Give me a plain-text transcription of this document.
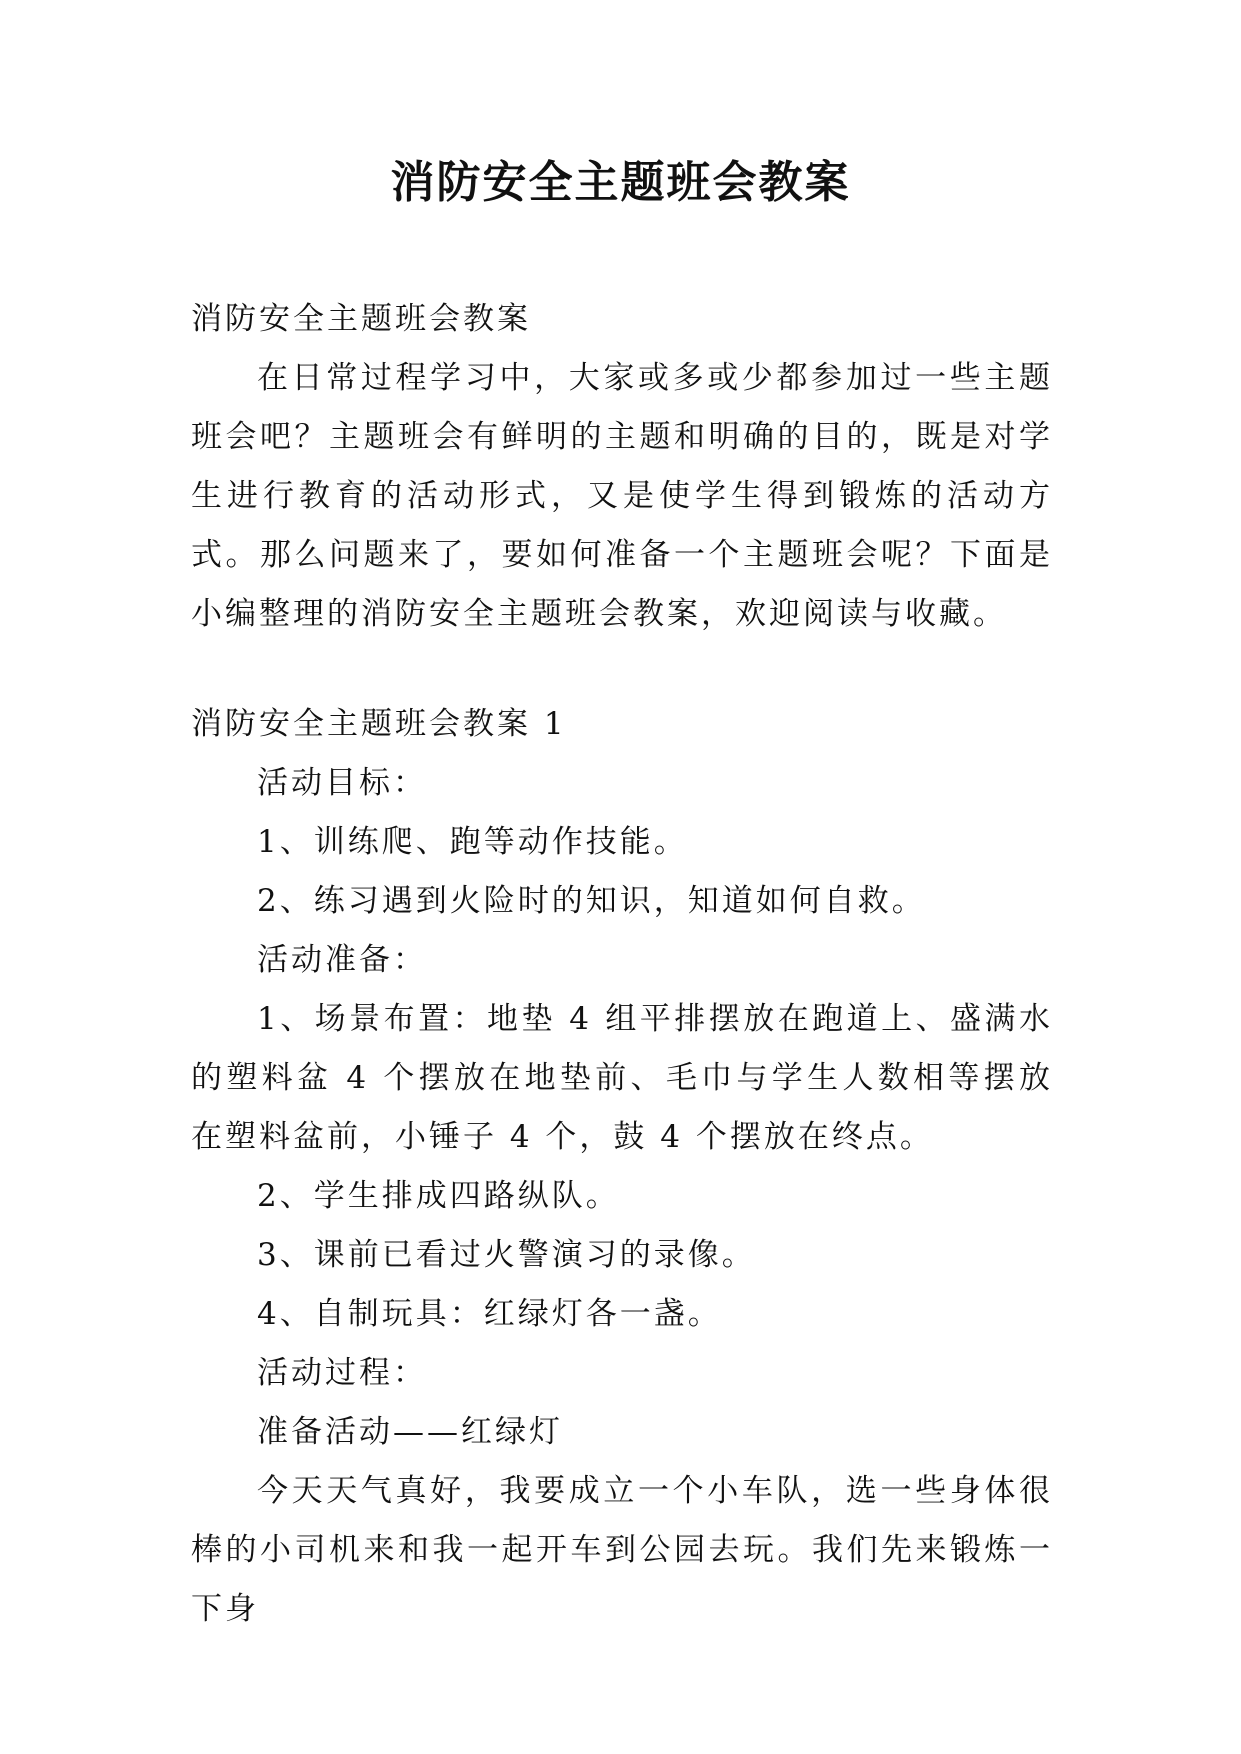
消防安全主题班会教案

消防安全主题班会教案

在日常过程学习中，大家或多或少都参加过一些主题班会吧？主题班会有鲜明的主题和明确的目的，既是对学生进行教育的活动形式，又是使学生得到锻炼的活动方式。那么问题来了，要如何准备一个主题班会呢？下面是小编整理的消防安全主题班会教案，欢迎阅读与收藏。

消防安全主题班会教案 1

活动目标：

1、训练爬、跑等动作技能。

2、练习遇到火险时的知识，知道如何自救。

活动准备：

1、场景布置：地垫 4 组平排摆放在跑道上、盛满水的塑料盆 4 个摆放在地垫前、毛巾与学生人数相等摆放在塑料盆前，小锤子 4 个，鼓 4 个摆放在终点。

2、学生排成四路纵队。

3、课前已看过火警演习的录像。

4、自制玩具：红绿灯各一盏。

活动过程：

准备活动——红绿灯

今天天气真好，我要成立一个小车队，选一些身体很棒的小司机来和我一起开车到公园去玩。我们先来锻炼一下身
